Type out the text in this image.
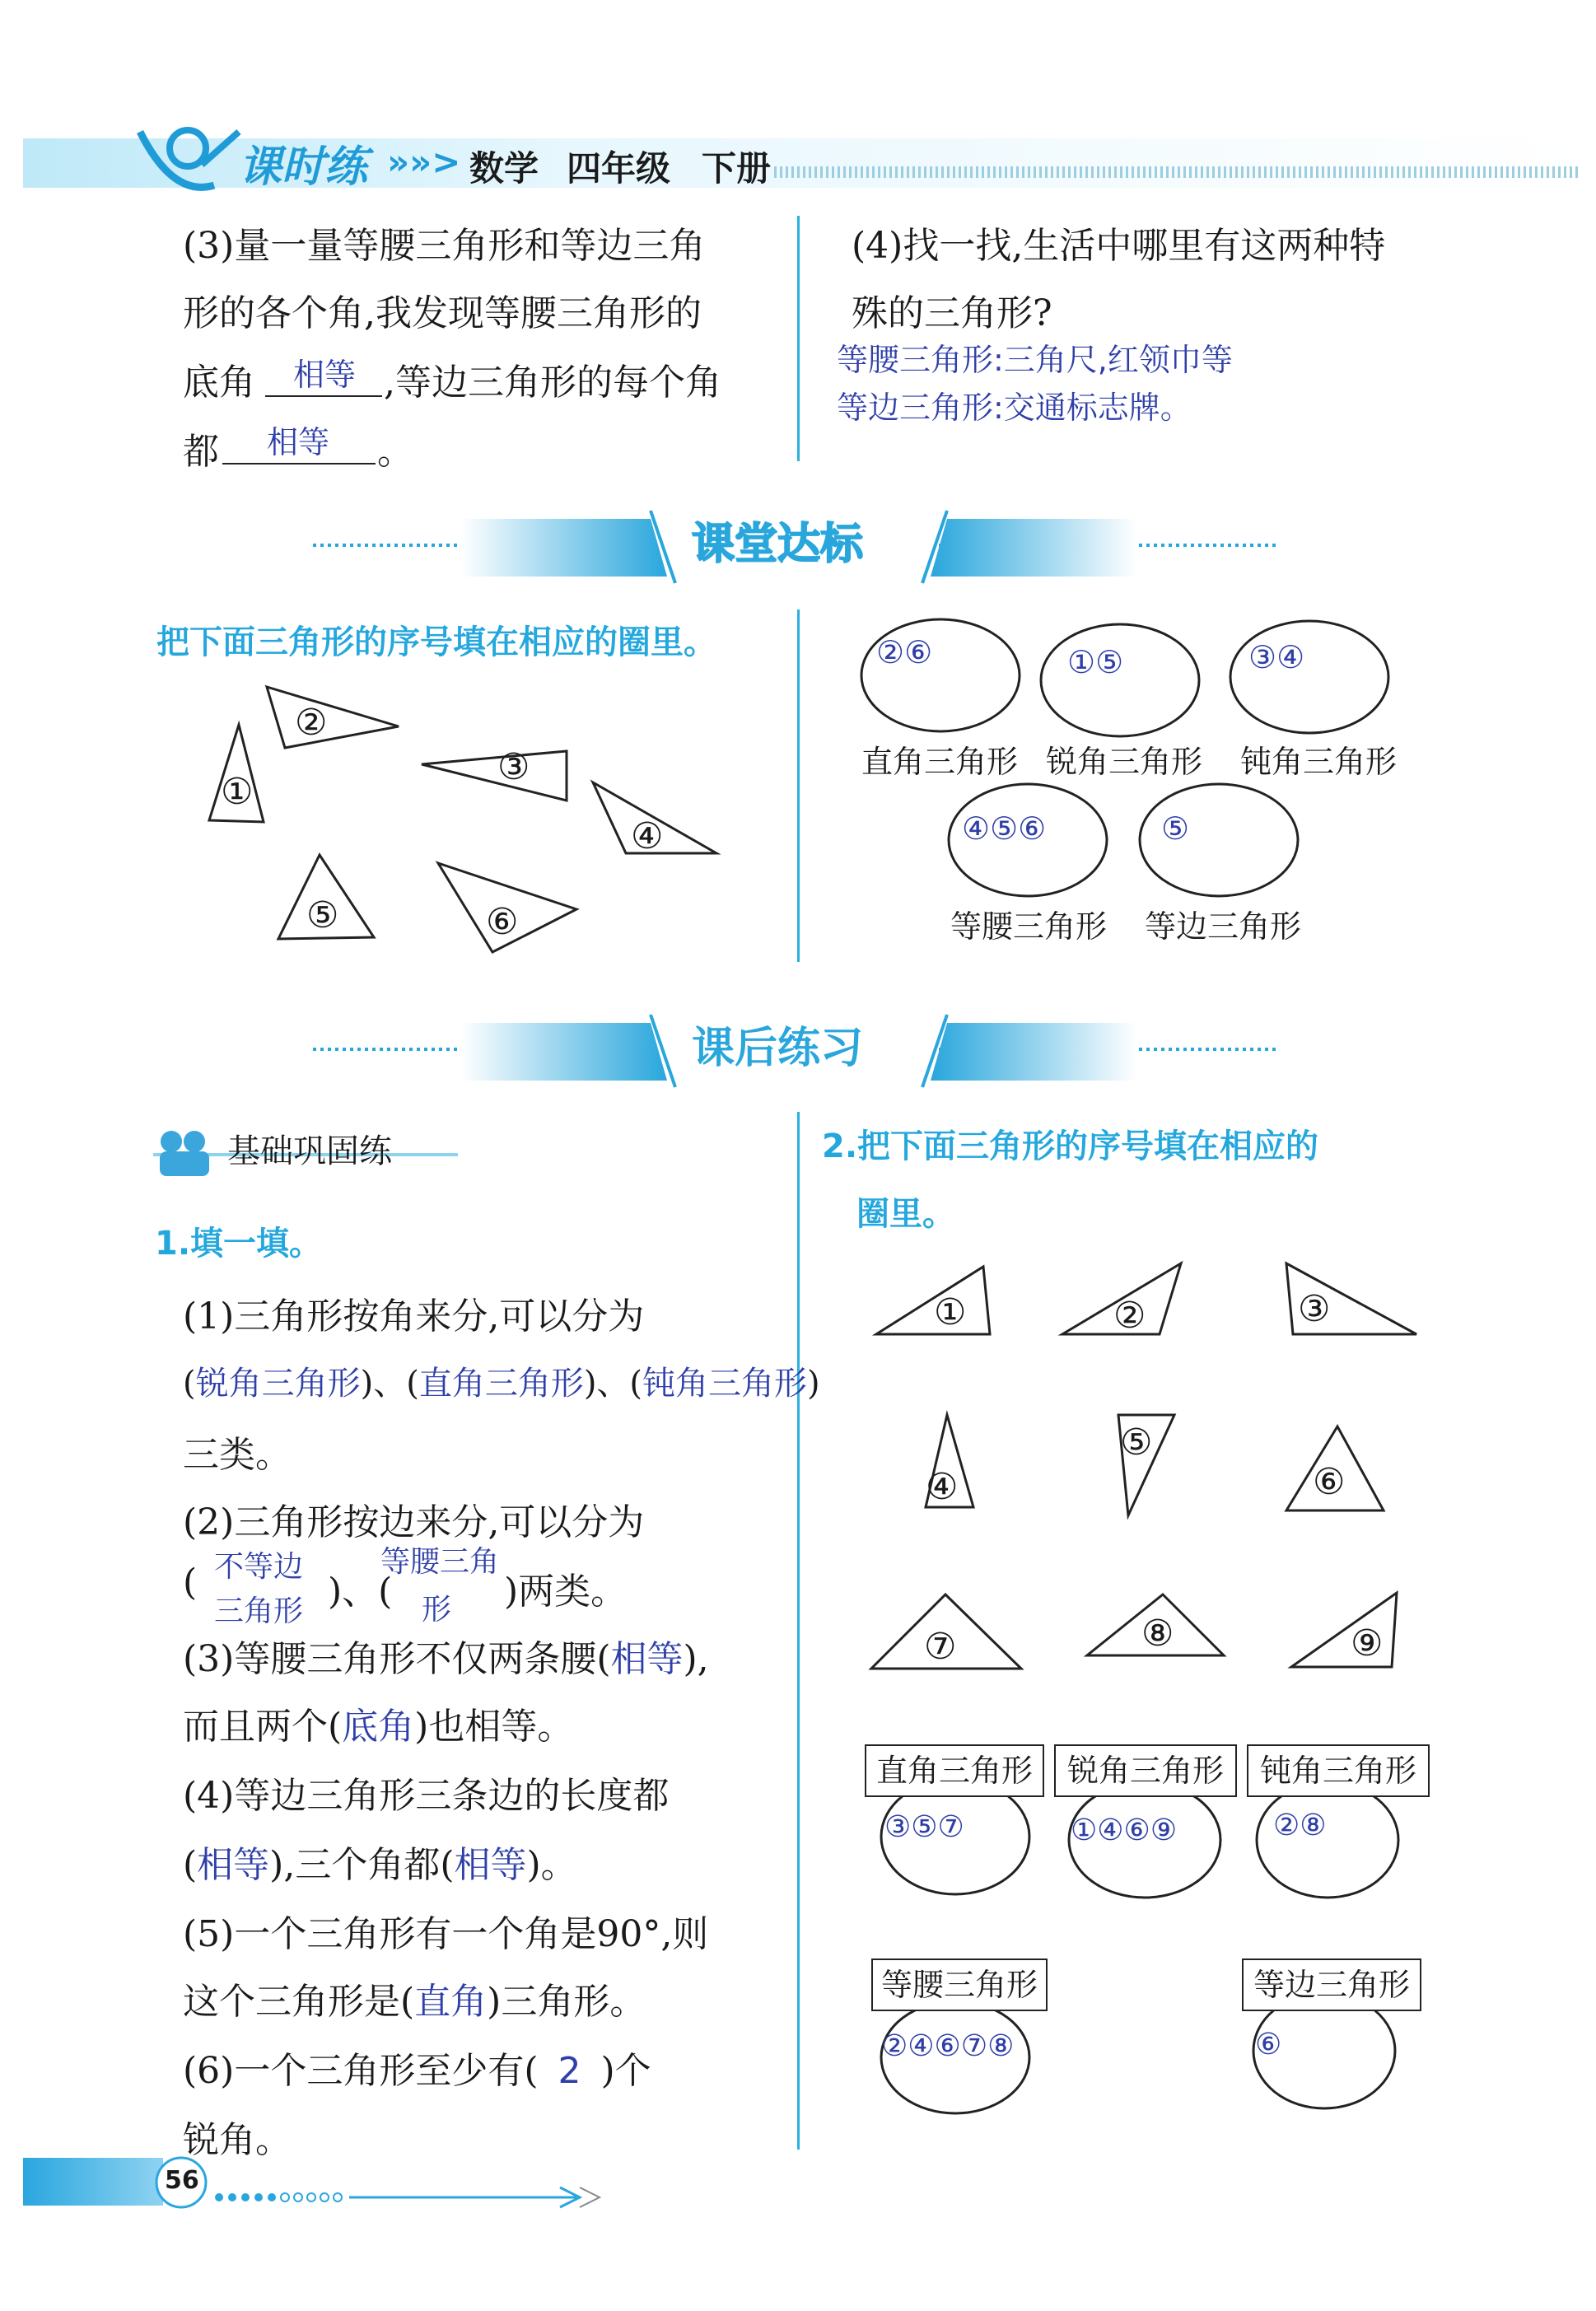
课时练 »»> 数学 四年级 下册
(3)量一量等腰三角形和等边三角
形的各个角,我发现等腰三角形的
底角 相等 ,等边三角形的每个角
都 相等 。
(4)找一找,生活中哪里有这两种特
殊的三角形?
等腰三角形:三角尺,红领巾等
等边三角形:交通标志牌。
课堂达标
把下面三角形的序号填在相应的圈里。
①
②
③
④
⑤	⑥
②⑥	①⑤	③④
④⑤⑥	⑤
直角三角形 锐角三角形 钝角三角形
等腰三角形 等边三角形
课后练习
基础巩固练
1.填一填。
(1)三角形按角来分,可以分为
(锐角三角形)、(直角三角形)、(钝角三角形)
三类。
(2)三角形按边来分,可以分为
( 不等边
三角形 )、(
等腰三角
形 )两类。
(3)等腰三角形不仅两条腰(相等),
而且两个(底角)也相等。
(4)等边三角形三条边的长度都
(相等),三个角都(相等)。
(5)一个三角形有一个角是90°,则
这个三角形是(直角)三角形。
(6)一个三角形至少有( 2 )个
锐角。
2.把下面三角形的序号填在相应的
圈里。
①	②	③
④
⑤
⑥
⑦	⑧	⑨
直角三角形	锐角三角形	钝角三角形
等腰三角形	等边三角形
③⑤⑦	①④⑥⑨	②⑧
②④⑥⑦⑧	⑥
56
